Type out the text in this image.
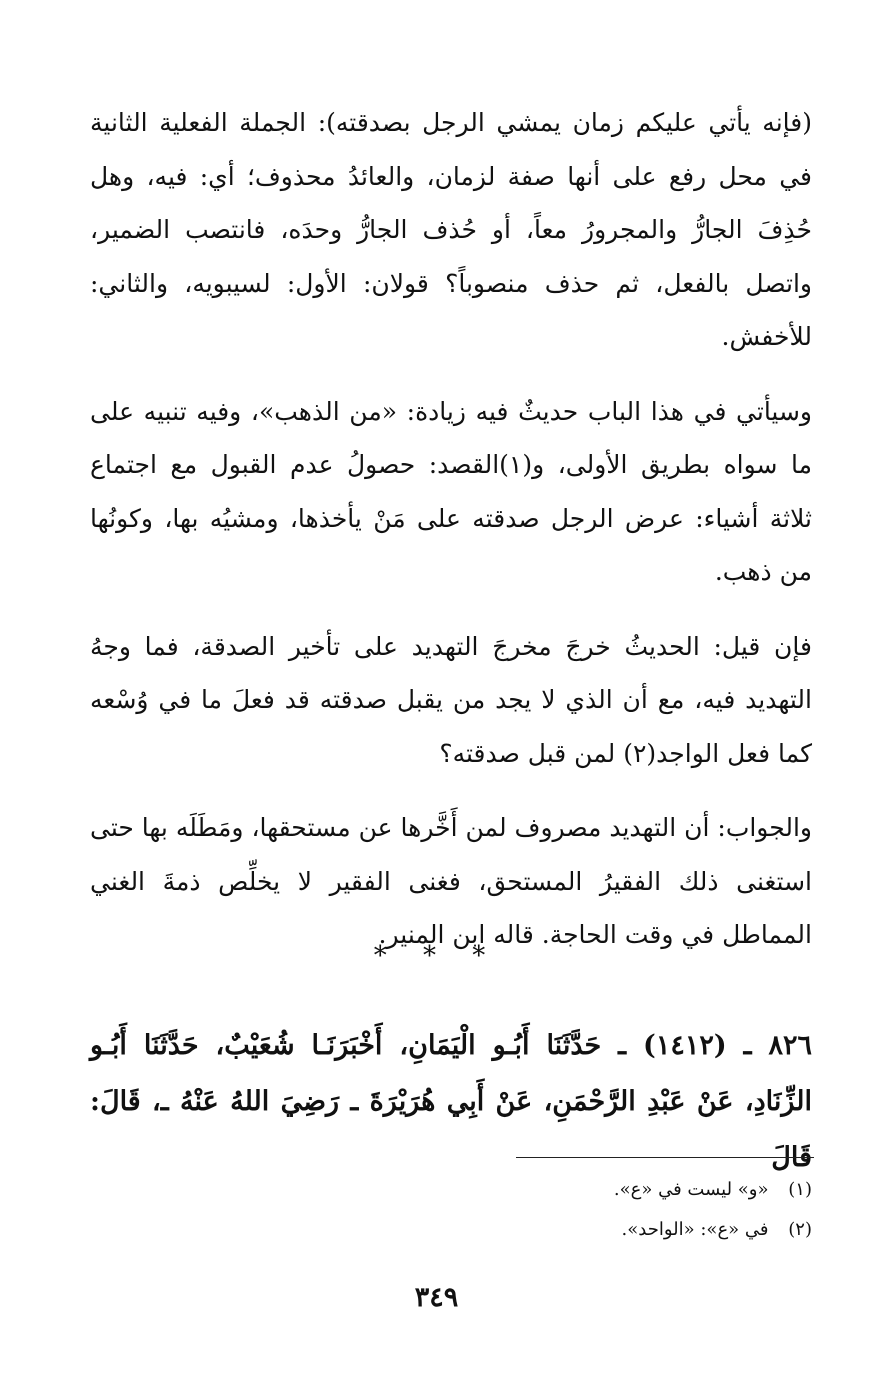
(فإنه يأتي عليكم زمان يمشي الرجل بصدقته): الجملة الفعلية الثانية في محل رفع على أنها صفة لزمان، والعائدُ محذوف؛ أي: فيه، وهل حُذِفَ الجارُّ والمجرورُ معاً، أو حُذف الجارُّ وحدَه، فانتصب الضمير، واتصل بالفعل، ثم حذف منصوباً؟ قولان: الأول: لسيبويه، والثاني: للأخفش.

وسيأتي في هذا الباب حديثٌ فيه زيادة: «من الذهب»، وفيه تنبيه على ما سواه بطريق الأولى، و(١)القصد: حصولُ عدم القبول مع اجتماع ثلاثة أشياء: عرض الرجل صدقته على مَنْ يأخذها، ومشيُه بها، وكونُها من ذهب.

فإن قيل: الحديثُ خرجَ مخرجَ التهديد على تأخير الصدقة، فما وجهُ التهديد فيه، مع أن الذي لا يجد من يقبل صدقته قد فعلَ ما في وُسْعه كما فعل الواجد(٢) لمن قبل صدقته؟

والجواب: أن التهديد مصروف لمن أَخَّرها عن مستحقها، ومَطَلَه بها حتى استغنى ذلك الفقيرُ المستحق، فغنى الفقير لا يخلِّص ذمةَ الغني المماطل في وقت الحاجة. قاله ابن المنير.

* * *
٨٢٦ ـ (١٤١٢) ـ حَدَّثَنَا أَبُـو الْيَمَانِ، أَخْبَرَنَـا شُعَيْبٌ، حَدَّثَنَا أَبُـو الزِّنَادِ، عَنْ عَبْدِ الرَّحْمَنِ، عَنْ أَبِي هُرَيْرَةَ ـ رَضِيَ اللهُ عَنْهُ ـ، قَالَ: قَالَ
(١) «و» ليست في «ع».
(٢) في «ع»: «الواحد».
٣٤٩
